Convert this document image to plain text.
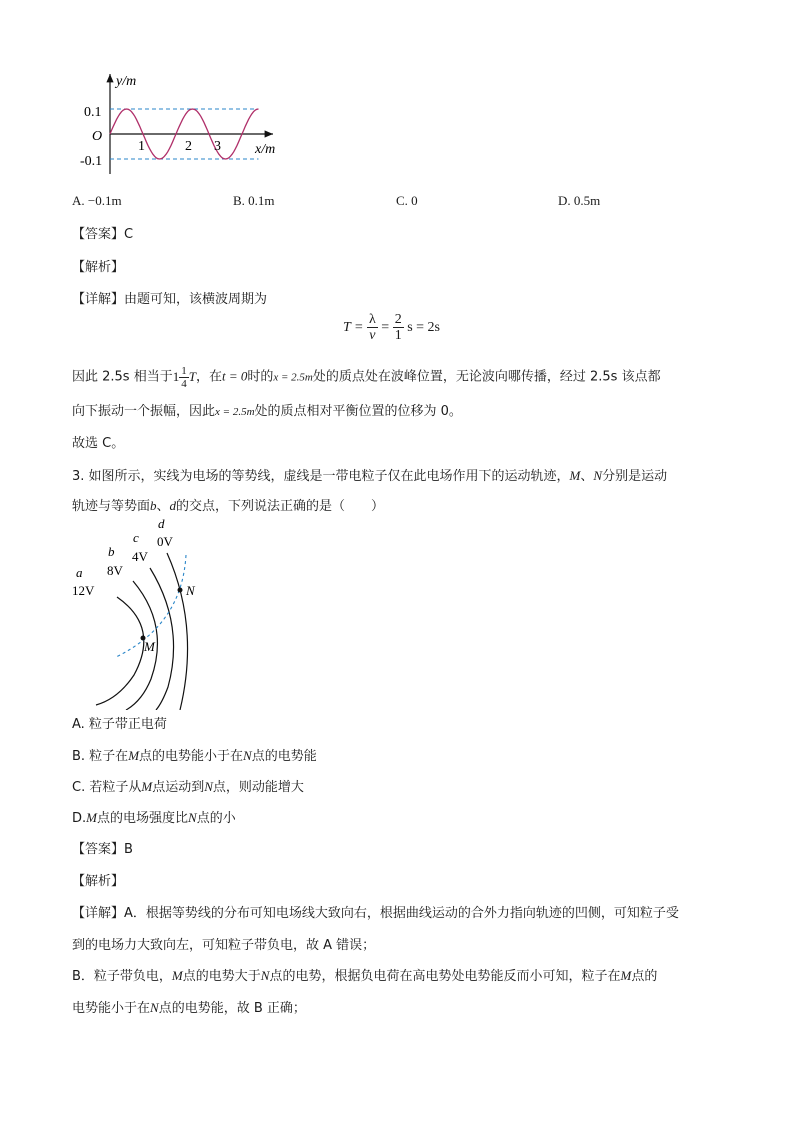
y/m
x/m
O
0.1
-0.1
1	2 3
A. −0.1m	B. 0.1m	C. 0	D. 0.5m
【答案】C
【解析】
【详解】由题可知，该横波周期为
$T = \frac{\lambda}{v} = \frac{2}{1}$ s = 2s
因此 2.5s 相当于$1 \frac{1}{4}$ T，在t = 0时的x = 2.5m处的质点处在波峰位置，无论波向哪传播，经过 2.5s 该点都
向下振动一个振幅，因此x = 2.5m处的质点相对平衡位置的位移为 0。
故选 C。
3. 如图所示，实线为电场的等势线，虚线是一带电粒子仅在此电场作用下的运动轨迹，M、N分别是运动
轨迹与等势面b、d的交点，下列说法正确的是（　　）
M
N
a
12V
b
8V
c
4V
d
0V
A. 粒子带正电荷
B. 粒子在M点的电势能小于在N点的电势能
C. 若粒子从M点运动到N点，则动能增大
D.M点的电场强度比N点的小
【答案】B
【解析】
【详解】A．根据等势线的分布可知电场线大致向右，根据曲线运动的合外力指向轨迹的凹侧，可知粒子受
到的电场力大致向左，可知粒子带负电，故 A 错误；
B．粒子带负电，M点的电势大于N点的电势，根据负电荷在高电势处电势能反而小可知，粒子在M点的
电势能小于在N点的电势能，故 B 正确；
